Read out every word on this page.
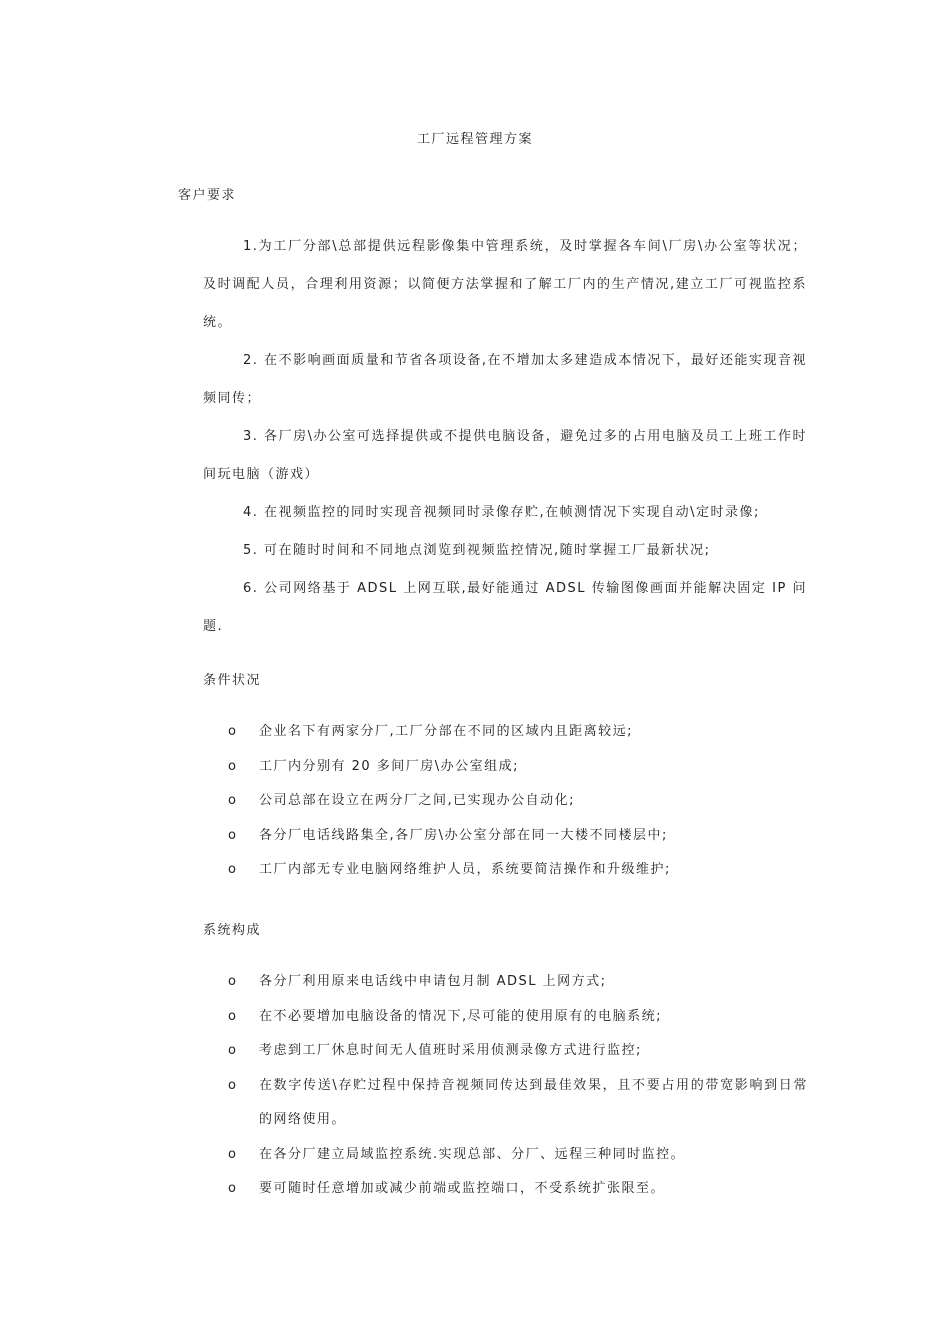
工厂远程管理方案
客户要求
1.为工厂分部\总部提供远程影像集中管理系统，及时掌握各车间\厂房\办公室等状况；及时调配人员，合理利用资源；以简便方法掌握和了解工厂内的生产情况,建立工厂可视监控系统。
2. 在不影响画面质量和节省各项设备,在不增加太多建造成本情况下，最好还能实现音视频同传；
3. 各厂房\办公室可选择提供或不提供电脑设备，避免过多的占用电脑及员工上班工作时间玩电脑（游戏）
4. 在视频监控的同时实现音视频同时录像存贮,在帧测情况下实现自动\定时录像;
5. 可在随时时间和不同地点浏览到视频监控情况,随时掌握工厂最新状况;
6. 公司网络基于 ADSL 上网互联,最好能通过 ADSL 传输图像画面并能解决固定 IP 问题.
条件状况
o 企业名下有两家分厂,工厂分部在不同的区域内且距离较远;
o 工厂内分别有 20 多间厂房\办公室组成;
o 公司总部在设立在两分厂之间,已实现办公自动化;
o 各分厂电话线路集全,各厂房\办公室分部在同一大楼不同楼层中;
o 工厂内部无专业电脑网络维护人员，系统要简洁操作和升级维护;
系统构成
o 各分厂利用原来电话线中申请包月制 ADSL 上网方式;
o 在不必要增加电脑设备的情况下,尽可能的使用原有的电脑系统;
o 考虑到工厂休息时间无人值班时采用侦测录像方式进行监控;
o 在数字传送\存贮过程中保持音视频同传达到最佳效果，且不要占用的带宽影响到日常的网络使用。
o 在各分厂建立局域监控系统.实现总部、分厂、远程三种同时监控。
o 要可随时任意增加或减少前端或监控端口，不受系统扩张限至。
